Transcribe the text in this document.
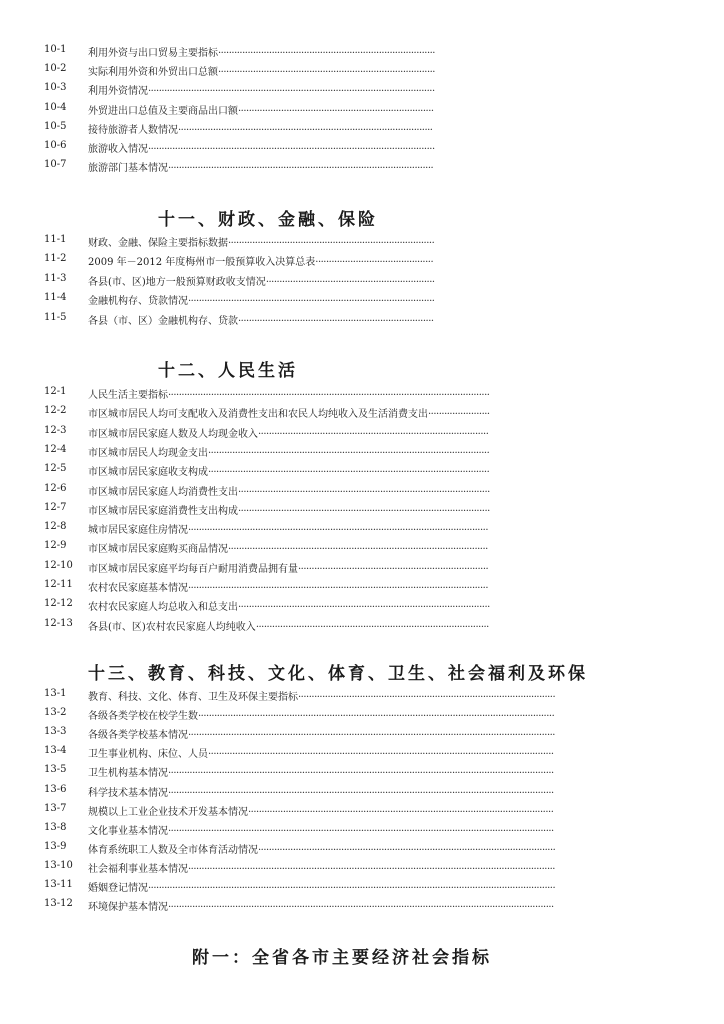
10-1	利用外资与出口贸易主要指标·················································································
10-2	实际利用外资和外贸出口总额·················································································
10-3	利用外资情况···········································································································
10-4	外贸进出口总值及主要商品出口额·········································································
10-5	接待旅游者人数情况·······························································································
10-6	旅游收入情况···········································································································
10-7	旅游部门基本情况···································································································
十一、财政、金融、保险
11-1	财政、金融、保险主要指标数据·············································································
11-2	2009 年－2012 年度梅州市一般预算收入决算总表············································
11-3	各县(市、区)地方一般预算财政收支情况·······························································
11-4	金融机构存、贷款情况····························································································
11-5	各县（市、区）金融机构存、贷款·········································································
十二、人民生活
12-1	人民生活主要指标························································································································
12-2	市区城市居民人均可支配收入及消费性支出和农民人均纯收入及生活消费支出·······················
12-3	市区城市居民家庭人数及人均现金收入······················································································
12-4	市区城市居民人均现金支出·········································································································
12-5	市区城市居民家庭收支构成·········································································································
12-6	市区城市居民家庭人均消费性支出······························································································
12-7	市区城市居民家庭消费性支出构成······························································································
12-8	城市居民家庭住房情况················································································································
12-9	市区城市居民家庭购买商品情况·································································································
12-10	市区城市居民家庭平均每百户耐用消费品拥有量·······································································
12-11	农村农民家庭基本情况················································································································
12-12	农村农民家庭人均总收入和总支出······························································································
12-13	各县(市、区)农村农民家庭人均纯收入·······················································································
十三、教育、科技、文化、体育、卫生、社会福利及环保
13-1	教育、科技、文化、体育、卫生及环保主要指标································································································
13-2	各级各类学校在校学生数·····································································································································
13-3	各级各类学校基本情况·········································································································································
13-4	卫生事业机构、床位、人员·································································································································
13-5	卫生机构基本情况················································································································································
13-6	科学技术基本情况················································································································································
13-7	规模以上工业企业技术开发基本情况··················································································································
13-8	文化事业基本情况················································································································································
13-9	体育系统职工人数及全市体育活动情况···············································································································
13-10	社会福利事业基本情况·········································································································································
13-11	婚姻登记情况························································································································································
13-12	环境保护基本情况················································································································································
附一：全省各市主要经济社会指标
